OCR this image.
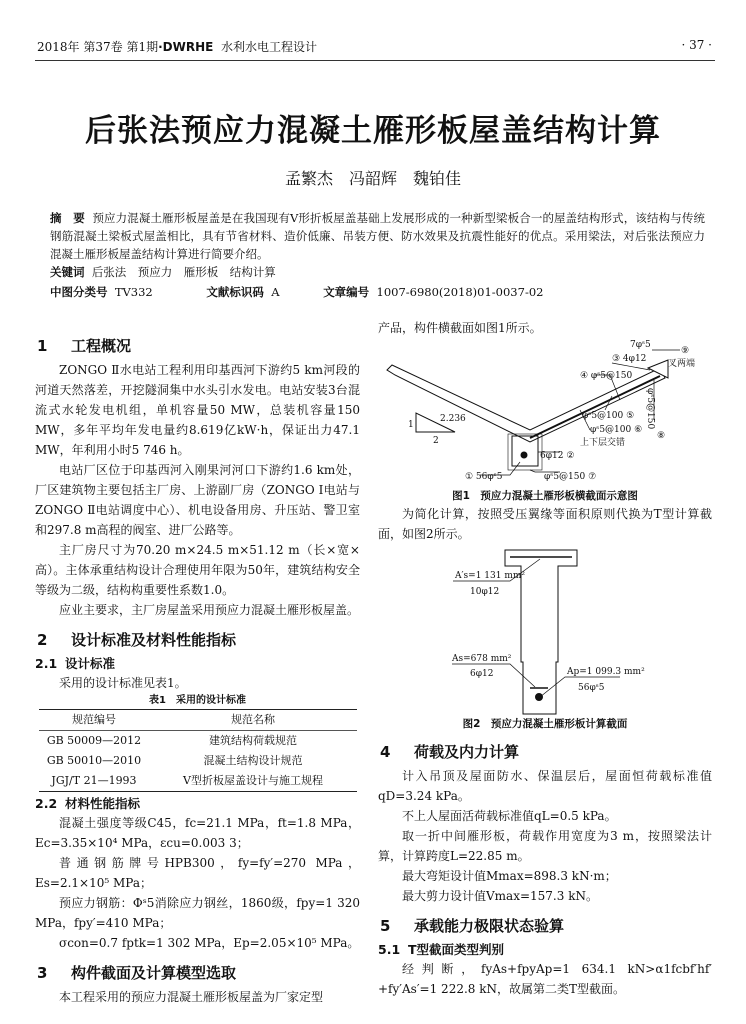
2018年 第37卷 第1期·DWRHE 水利水电工程设计	· 37 ·
后张法预应力混凝土雁形板屋盖结构计算
孟繁杰　冯韶辉　魏铂佳
摘　要 预应力混凝土雁形板屋盖是在我国现有V形折板屋盖基础上发展形成的一种新型梁板合一的屋盖结构形式，该结构与传统钢筋混凝土梁板式屋盖相比，具有节省材料、造价低廉、吊装方便、防水效果及抗震性能好的优点。采用梁法，对后张法预应力混凝土雁形板屋盖结构计算进行简要介绍。
关键词 后张法　预应力　雁形板　结构计算
中图分类号 TV332	文献标识码 A	文章编号 1007-6980(2018)01-0037-02
1 工程概况

ZONGO Ⅱ水电站工程利用印基西河下游约5 km河段的河道天然落差，开挖隧洞集中水头引水发电。电站安装3台混流式水轮发电机组，单机容量50 MW，总装机容量150 MW，多年平均年发电量约8.619亿kW·h，保证出力47.1 MW，年利用小时5 746 h。

电站厂区位于印基西河入刚果河河口下游约1.6 km处，厂区建筑物主要包括主厂房、上游副厂房（ZONGO Ⅰ电站与ZONGO Ⅱ电站调度中心）、机电设备用房、升压站、警卫室和297.8 m高程的阀室、进厂公路等。

主厂房尺寸为70.20 m×24.5 m×51.12 m（长×宽×高）。主体承重结构设计合理使用年限为50年，建筑结构安全等级为二级，结构构重要性系数1.0。

应业主要求，主厂房屋盖采用预应力混凝土雁形板屋盖。

2 设计标准及材料性能指标
2.1 设计标准

采用的设计标准见表1。

表1　采用的设计标准
规范编号	规范名称
GB 50009—2012	建筑结构荷载规范
GB 50010—2010	混凝土结构设计规范
JGJ/T 21—1993	V型折板屋盖设计与施工规程
2.2 材料性能指标

混凝土强度等级C45，fc=21.1 MPa，ft=1.8 MPa，Ec=3.35×10⁴ MPa，εcu=0.003 3；

普通钢筋牌号HPB300，fy=fy′=270 MPa，Es=2.1×10⁵ MPa；

预应力钢筋：Φˢ5消除应力钢丝，1860级，fpy=1 320 MPa，fpy′=410 MPa；

σcon=0.7 fptk=1 302 MPa，Ep=2.05×10⁵ MPa。

3 构件截面及计算模型选取

本工程采用的预应力混凝土雁形板屋盖为厂家定型

产品，构件横截面如图1所示。

7φˢ5
③ 4φ12
⑨
叉两端
④ φˢ5@150
φˢ5@100 ⑤ φˢ5@150
⑧
φˢ5@100 ⑥
上下层交错
6φ12 ②
φˢ5@150 ⑦
① 56φˢ5
2.236
1
2
图1　预应力混凝土雁形板横截面示意图

为简化计算，按照受压翼缘等面积原则代换为T型计算截面，如图2所示。

A′s=1 131 mm²
10φ12
As=678 mm²
6φ12	Ap=1 099.3 mm²
56φˢ5
图2　预应力混凝土雁形板计算截面
4 荷载及内力计算

计入吊顶及屋面防水、保温层后，屋面恒荷载标准值qD=3.24 kPa。

不上人屋面活荷载标准值qL=0.5 kPa。

取一折中间雁形板，荷载作用宽度为3 m，按照梁法计算，计算跨度L=22.85 m。

最大弯矩设计值Mmax=898.3 kN·m；

最大剪力设计值Vmax=157.3 kN。

5 承载能力极限状态验算
5.1 T型截面类型判别

经判断，fyAs+fpyAp=1 634.1 kN>α1fcbf′hf′+fy′As′=1 222.8 kN，故属第二类T型截面。
